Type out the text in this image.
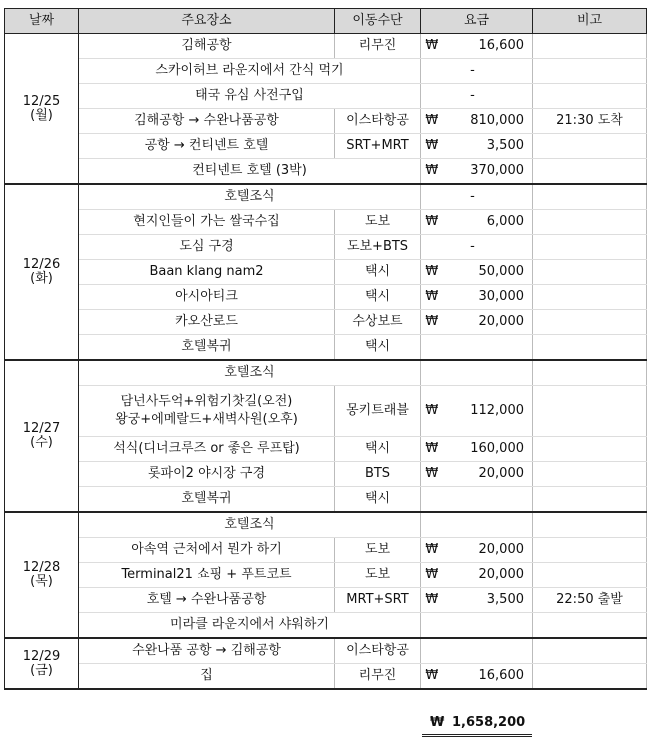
날짜	주요장소	이동수단	요금		비고

12/25
(월)	김해공항	리무진	₩	16,600	

	스카이허브 라운지에서 간식 먹기		-		

	태국 유심 사전구입		-		

	김해공항 → 수완나품공항	이스타항공	₩	810,000	21:30 도착

	공항 → 컨티넨트 호텔	SRT+MRT	₩	3,500	

	컨티넨트 호텔 (3박)		₩	370,000	

12/26
(화)	호텔조식		-		

	현지인들이 가는 쌀국수집	도보	₩	6,000	

	도심 구경	도보+BTS	-		

	Baan klang nam2	택시	₩	50,000	

	아시아티크	택시	₩	30,000	

	카오산로드	수상보트	₩	20,000	

	호텔복귀	택시			

12/27
(수)	호텔조식				

	담넌사두억+위험기찻길(오전)
왕궁+에메랄드+새벽사원(오후)	몽키트래블	₩	112,000	

	석식(디너크루즈 or 좋은 루프탑)	택시	₩	160,000	

	롯파이2 야시장 구경	BTS	₩	20,000	

	호텔복귀	택시			

12/28
(목)	호텔조식				

	아속역 근처에서 뭔가 하기	도보	₩	20,000	

	Terminal21 쇼핑 + 푸트코트	도보	₩	20,000	

	호텔 → 수완나품공항	MRT+SRT	₩	3,500	22:50 출발

	미라클 라운지에서 샤워하기				

12/29
(금)	수완나품 공항 → 김해공항	이스타항공			

	집	리무진	₩	16,600	
₩ 1,658,200
